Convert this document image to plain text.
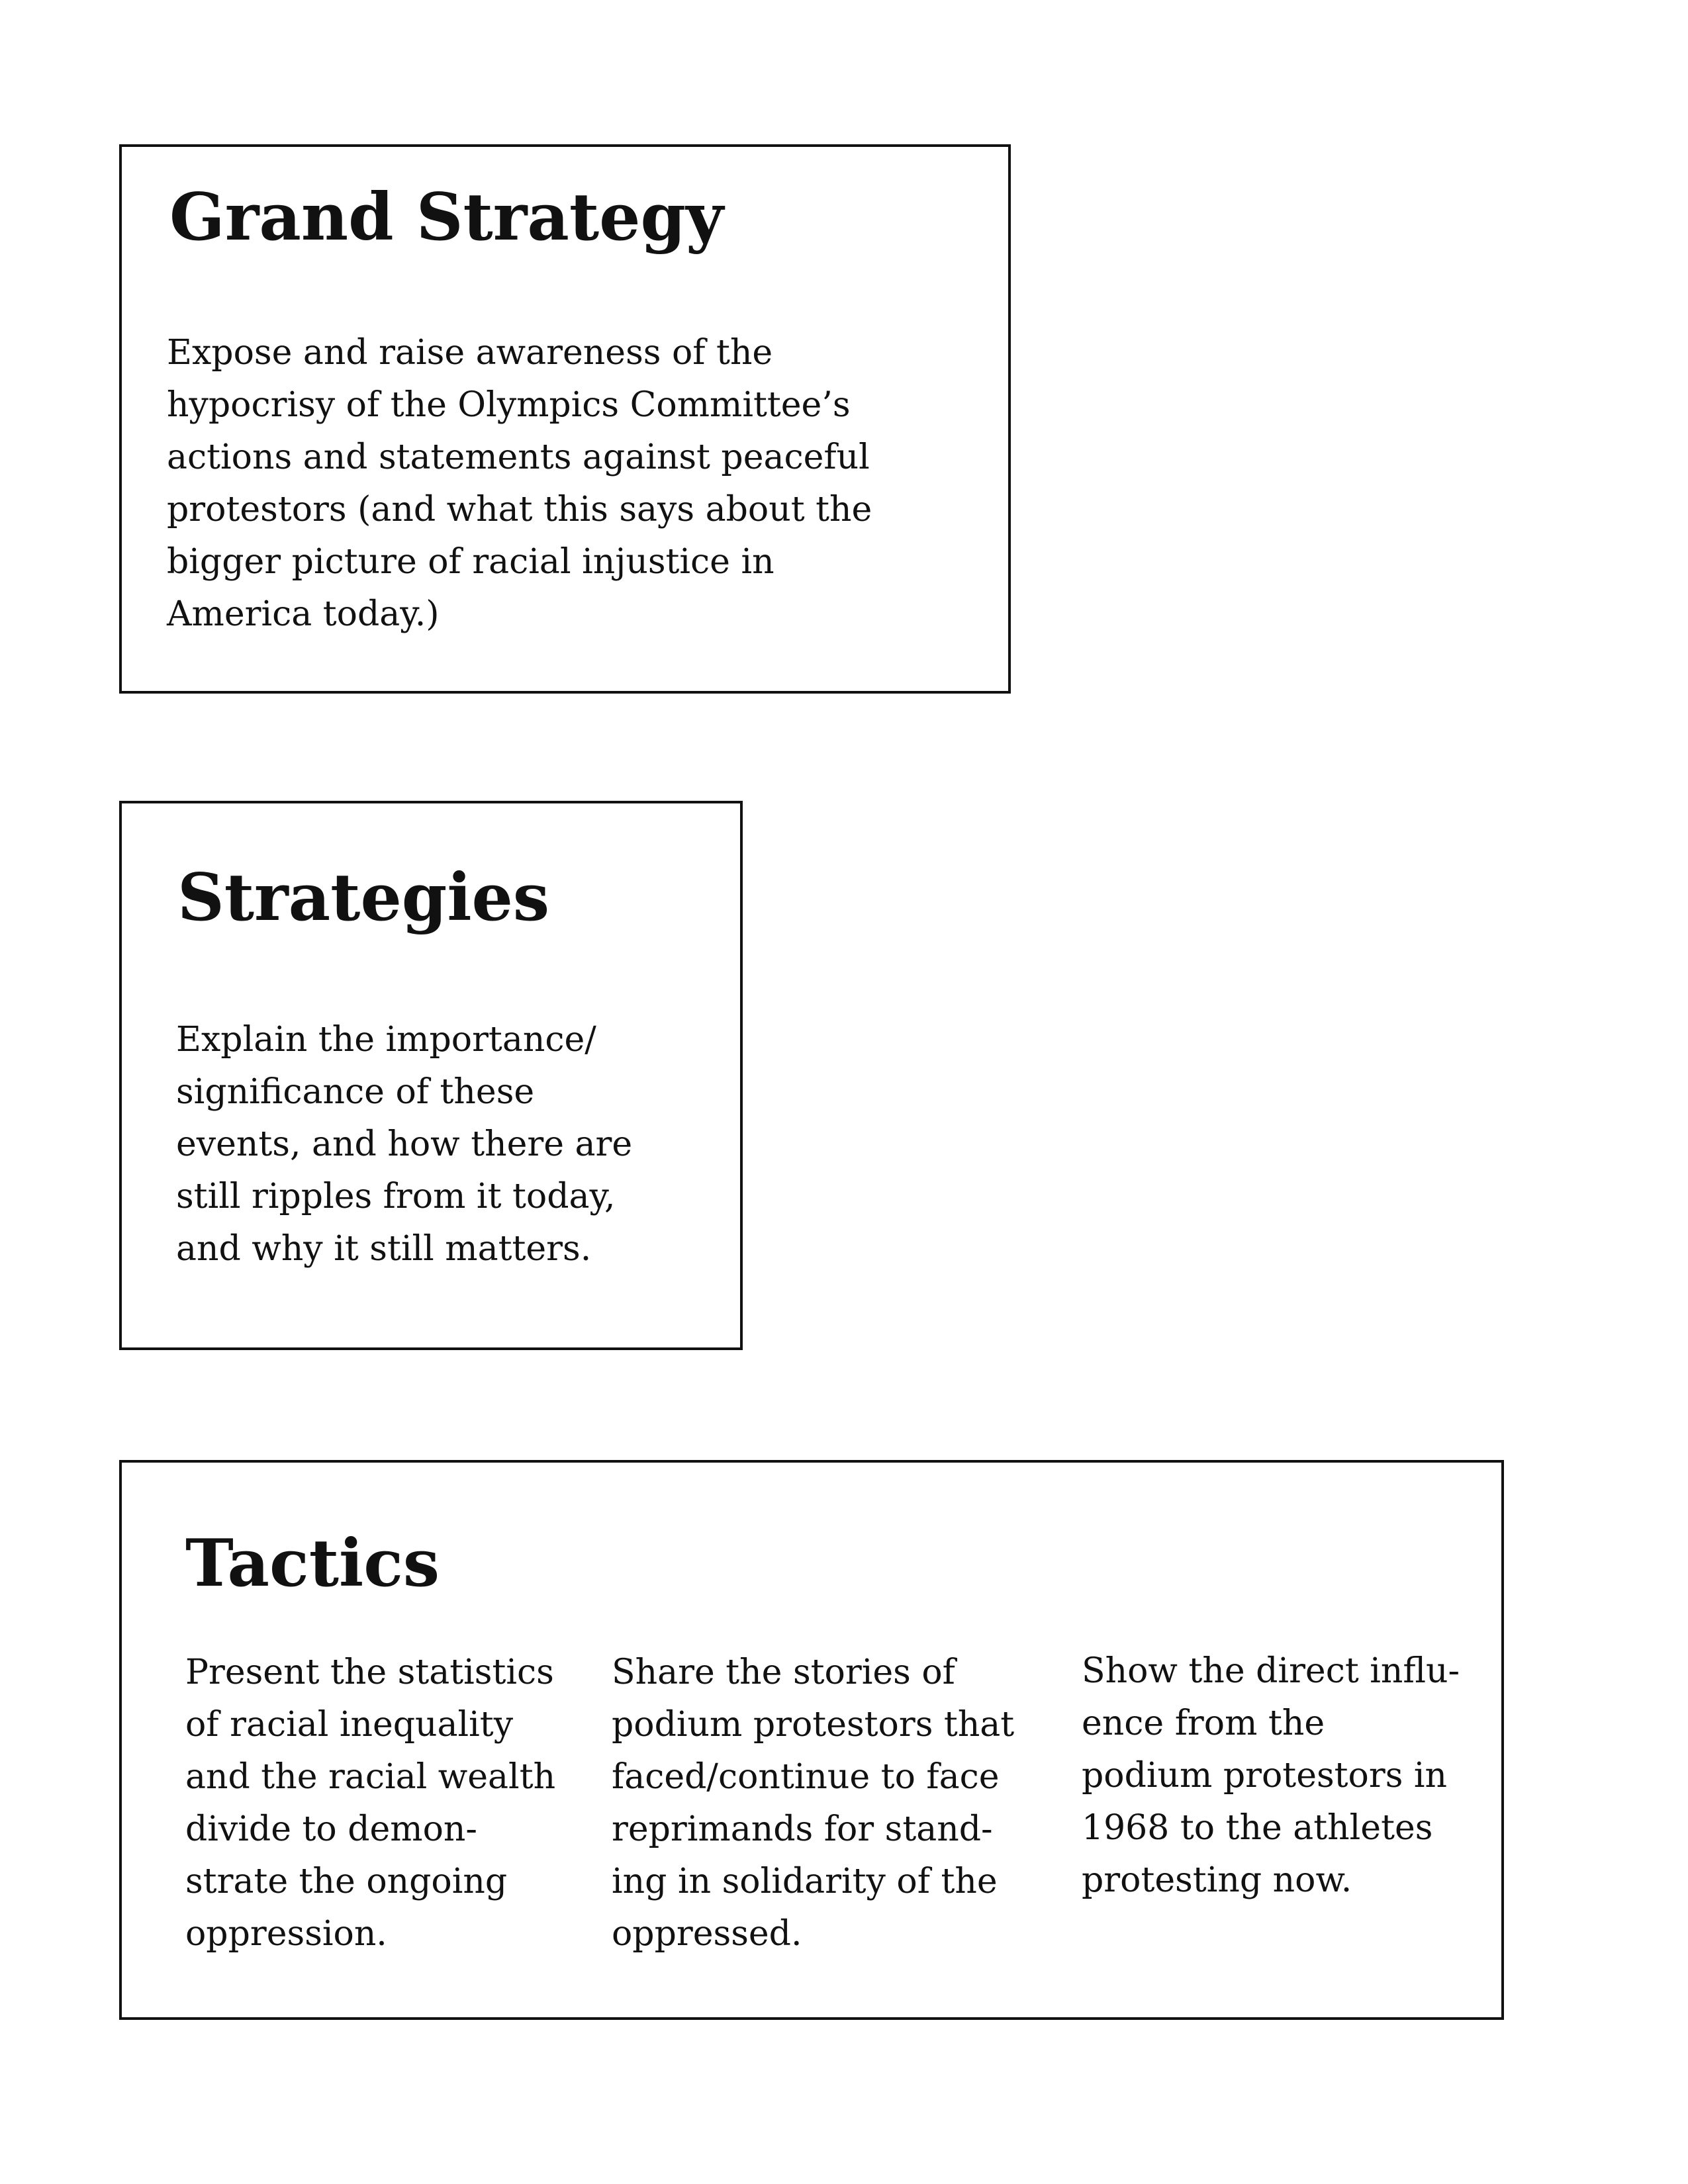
Grand Strategy

Expose and raise awareness of the
hypocrisy of the Olympics Committee’s
actions and statements against peaceful
protestors (and what this says about the
bigger picture of racial injustice in
America today.)

Strategies

Explain the importance/
significance of these
events, and how there are
still ripples from it today,
and why it still matters.

Tactics

Present the statistics
of racial inequality
and the racial wealth
divide to demon-
strate the ongoing
oppression.

Share the stories of
podium protestors that
faced/continue to face
reprimands for stand-
ing in solidarity of the
oppressed.

Show the direct influ-
ence from the
podium protestors in
1968 to the athletes
protesting now.
